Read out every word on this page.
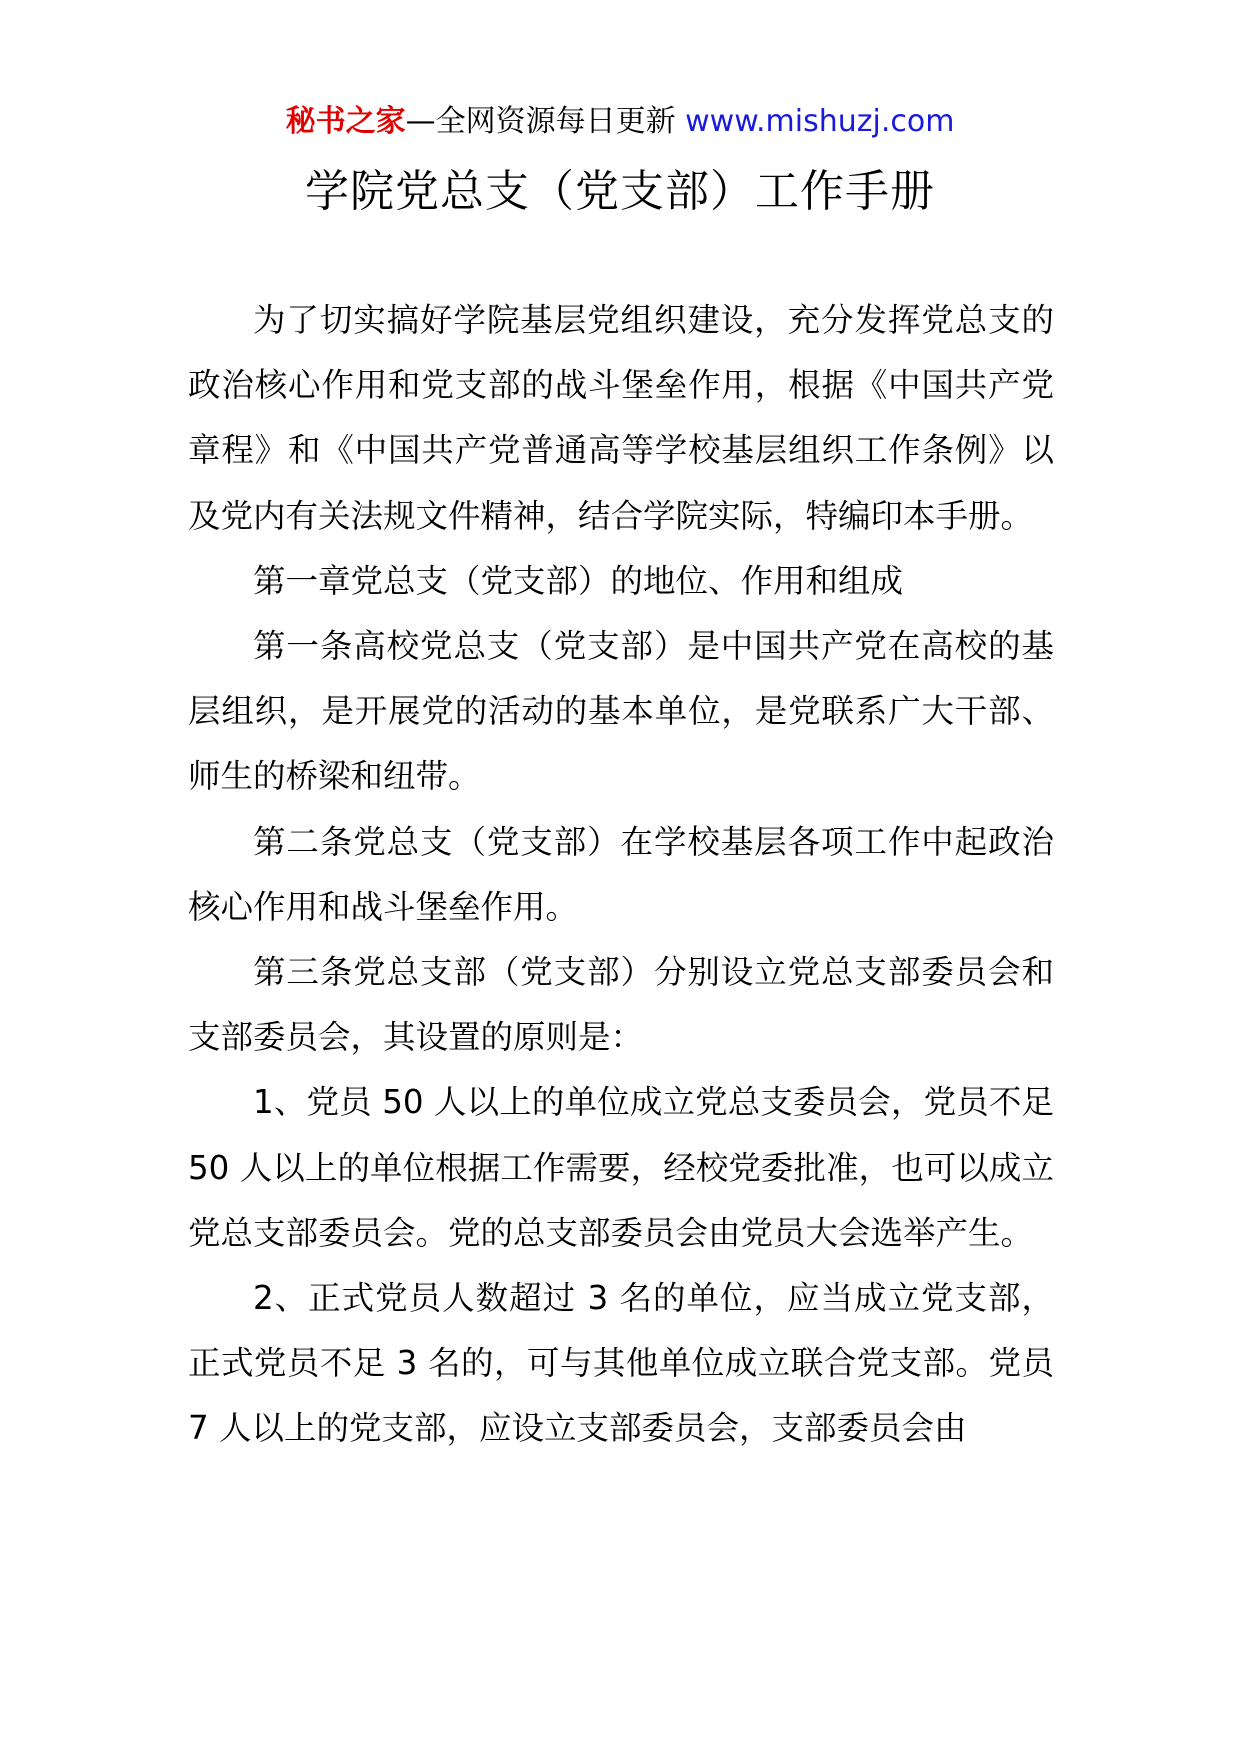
秘书之家—全网资源每日更新 www.mishuzj.com
学院党总支（党支部）工作手册

为了切实搞好学院基层党组织建设，充分发挥党总支的政治核心作用和党支部的战斗堡垒作用，根据《中国共产党章程》和《中国共产党普通高等学校基层组织工作条例》以及党内有关法规文件精神，结合学院实际，特编印本手册。

第一章党总支（党支部）的地位、作用和组成

第一条高校党总支（党支部）是中国共产党在高校的基层组织，是开展党的活动的基本单位，是党联系广大干部、师生的桥梁和纽带。

第二条党总支（党支部）在学校基层各项工作中起政治核心作用和战斗堡垒作用。

第三条党总支部（党支部）分别设立党总支部委员会和支部委员会，其设置的原则是：

1、党员 50 人以上的单位成立党总支委员会，党员不足 50 人以上的单位根据工作需要，经校党委批准，也可以成立党总支部委员会。党的总支部委员会由党员大会选举产生。

2、正式党员人数超过 3 名的单位，应当成立党支部，正式党员不足 3 名的，可与其他单位成立联合党支部。党员 7 人以上的党支部，应设立支部委员会，支部委员会由
